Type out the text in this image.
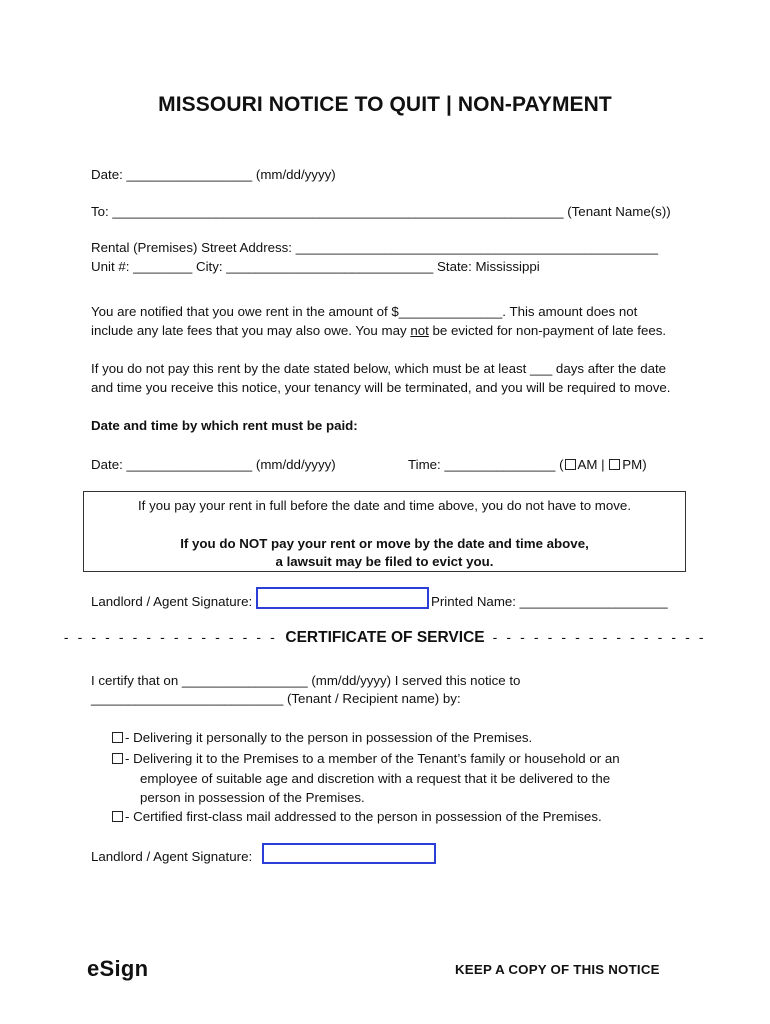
MISSOURI NOTICE TO QUIT | NON-PAYMENT
Date: _________________ (mm/dd/yyyy)
To: _____________________________________________________________ (Tenant Name(s))
Rental (Premises) Street Address: _________________________________________________
Unit #: ________ City: ____________________________ State: Mississippi
You are notified that you owe rent in the amount of $______________. This amount does not
include any late fees that you may also owe. You may not be evicted for non-payment of late fees.
If you do not pay this rent by the date stated below, which must be at least ___ days after the date
and time you receive this notice, your tenancy will be terminated, and you will be required to move.
Date and time by which rent must be paid:
Date: _________________ (mm/dd/yyyy)	Time: _______________ ( AM | PM)
If you pay your rent in full before the date and time above, you do not have to move.
If you do NOT pay your rent or move by the date and time above,
a lawsuit may be filed to evict you.
Landlord / Agent Signature:	Printed Name: ____________________
- - - - - - - - - - - - - - - - CERTIFICATE OF SERVICE - - - - - - - - - - - - - - - -
I certify that on _________________ (mm/dd/yyyy) I served this notice to
__________________________ (Tenant / Recipient name) by:
- Delivering it personally to the person in possession of the Premises.
- Delivering it to the Premises to a member of the Tenant’s family or household or an
employee of suitable age and discretion with a request that it be delivered to the
person in possession of the Premises.
- Certified first-class mail addressed to the person in possession of the Premises.
Landlord / Agent Signature:
eSign	KEEP A COPY OF THIS NOTICE
